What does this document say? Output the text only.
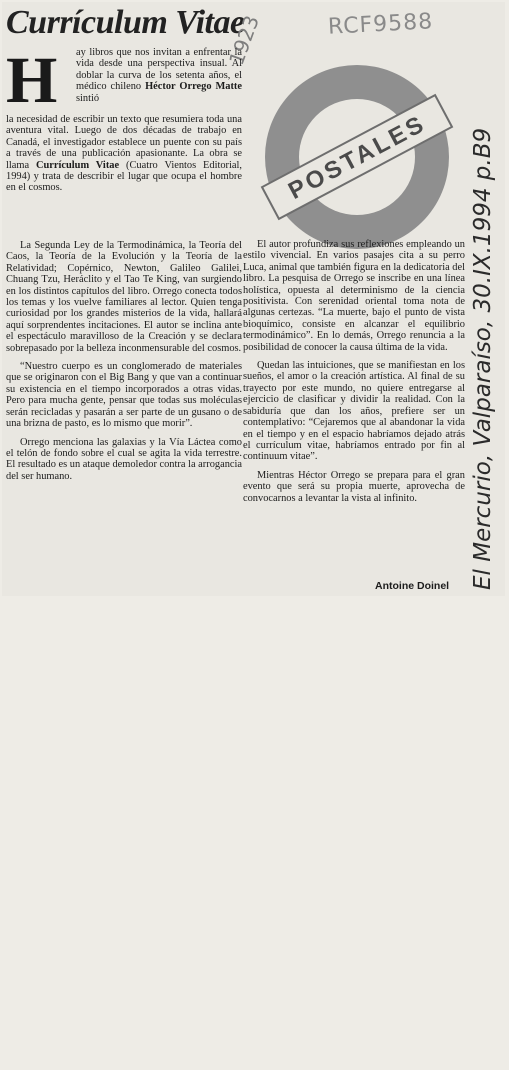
Currículum Vitae	RCF9588
1923
POSTALES
H ay libros que nos invitan a enfrentar la vida desde una perspectiva insual. Al doblar la curva de los setenta años, el médico chileno Héctor Orrego Matte sintió
la necesidad de escribir un texto que resumiera toda una aventura vital. Luego de dos décadas de trabajo en Canadá, el investigador establece un puente con su país a través de una publicación apasionante. La obra se llama Currículum Vitae (Cuatro Vientos Editorial, 1994) y trata de describir el lugar que ocupa el hombre en el cosmos.

La Segunda Ley de la Termodinámica, la Teoría del Caos, la Teoría de la Evolución y la Teoría de la Relatividad; Copérnico, Newton, Galileo Galilei, Chuang Tzu, Heráclito y el Tao Te King, van surgiendo en los distintos capítulos del libro. Orrego conecta todos los temas y los vuelve familiares al lector. Quien tenga curiosidad por los grandes misterios de la vida, hallará aquí sorprendentes incitaciones. El autor se inclina ante el espectáculo maravilloso de la Creación y se declara sobrepasado por la belleza inconmensurable del cosmos.

“Nuestro cuerpo es un conglomerado de materiales que se originaron con el Big Bang y que van a continuar su existencia en el tiempo incorporados a otras vidas. Pero para mucha gente, pensar que todas sus moléculas serán recicladas y pasarán a ser parte de un gusano o de una brizna de pasto, es lo mismo que morir”.

Orrego menciona las galaxias y la Vía Láctea como el telón de fondo sobre el cual se agita la vida terrestre. El resultado es un ataque demoledor contra la arrogancia del ser humano.

El autor profundiza sus reflexiones empleando un estilo vivencial. En varios pasajes cita a su perro Luca, animal que también figura en la dedicatoria del libro. La pesquisa de Orrego se inscribe en una línea holística, opuesta al determinismo de la ciencia positivista. Con serenidad oriental toma nota de algunas certezas. “La muerte, bajo el punto de vista bioquímico, consiste en alcanzar el equilibrio termodinámico”. En lo demás, Orrego renuncia a la posibilidad de conocer la causa última de la vida.

Quedan las intuiciones, que se manifiestan en los sueños, el amor o la creación artística. Al final de su trayecto por este mundo, no quiere entregarse al ejercicio de clasificar y dividir la realidad. Con la sabiduría que dan los años, prefiere ser un contemplativo: “Cejaremos que al abandonar la vida en el tiempo y en el espacio habríamos dejado atrás el currículum vitae, habríamos entrado por fin al continuum vitae”.

Mientras Héctor Orrego se prepara para el gran evento que será su propia muerte, aprovecha de convocarnos a levantar la vista al infinito.

Antoine Doinel El Mercurio, Valparaíso, 30.IX.1994 p.B9
